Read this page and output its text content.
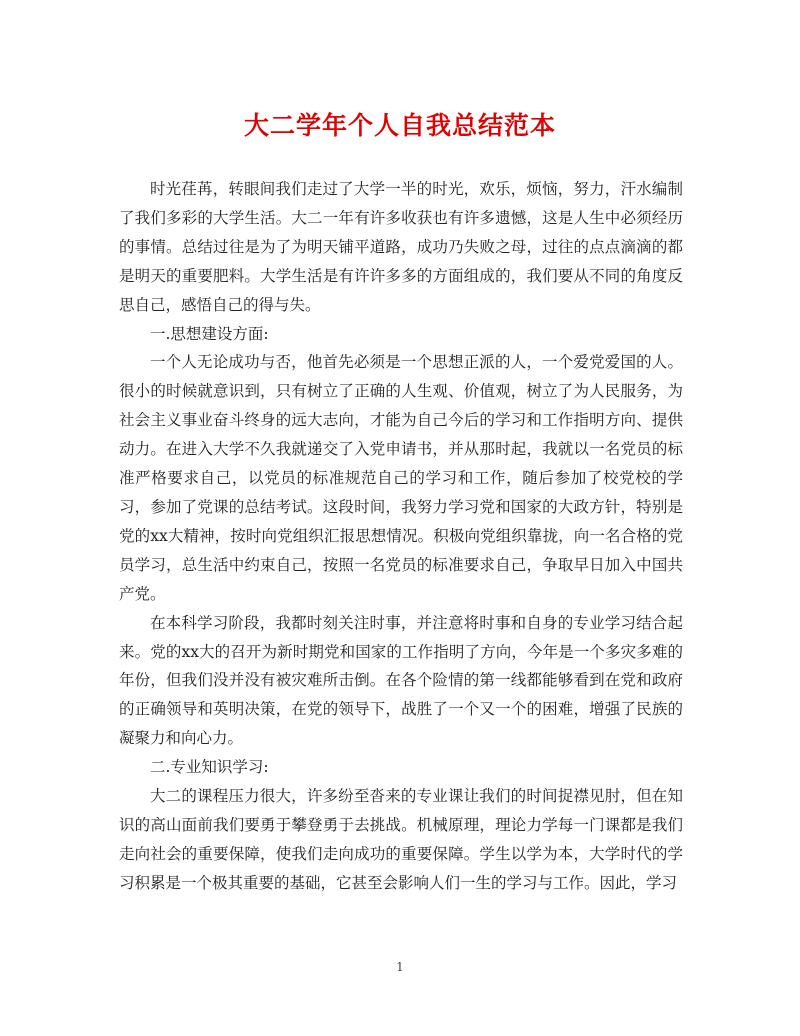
大二学年个人自我总结范本

时光荏苒，转眼间我们走过了大学一半的时光，欢乐，烦恼，努力，汗水编制了我们多彩的大学生活。大二一年有许多收获也有许多遗憾，这是人生中必须经历的事情。总结过往是为了为明天铺平道路，成功乃失败之母，过往的点点滴滴的都是明天的重要肥料。大学生活是有许许多多的方面组成的，我们要从不同的角度反思自己，感悟自己的得与失。

一.思想建设方面:

一个人无论成功与否，他首先必须是一个思想正派的人，一个爱党爱国的人。很小的时候就意识到，只有树立了正确的人生观、价值观，树立了为人民服务，为社会主义事业奋斗终身的远大志向，才能为自己今后的学习和工作指明方向、提供动力。在进入大学不久我就递交了入党申请书，并从那时起，我就以一名党员的标准严格要求自己，以党员的标准规范自己的学习和工作，随后参加了校党校的学习，参加了党课的总结考试。这段时间，我努力学习党和国家的大政方针，特别是党的xx大精神，按时向党组织汇报思想情况。积极向党组织靠拢，向一名合格的党员学习，总生活中约束自己，按照一名党员的标准要求自己，争取早日加入中国共产党。

在本科学习阶段，我都时刻关注时事，并注意将时事和自身的专业学习结合起来。党的xx大的召开为新时期党和国家的工作指明了方向，今年是一个多灾多难的年份，但我们没并没有被灾难所击倒。在各个险情的第一线都能够看到在党和政府的正确领导和英明决策，在党的领导下，战胜了一个又一个的困难，增强了民族的凝聚力和向心力。

二.专业知识学习:

大二的课程压力很大，许多纷至沓来的专业课让我们的时间捉襟见肘，但在知识的高山面前我们要勇于攀登勇于去挑战。机械原理，理论力学每一门课都是我们走向社会的重要保障，使我们走向成功的重要保障。学生以学为本，大学时代的学习积累是一个极其重要的基础，它甚至会影响人们一生的学习与工作。因此，学习

1
